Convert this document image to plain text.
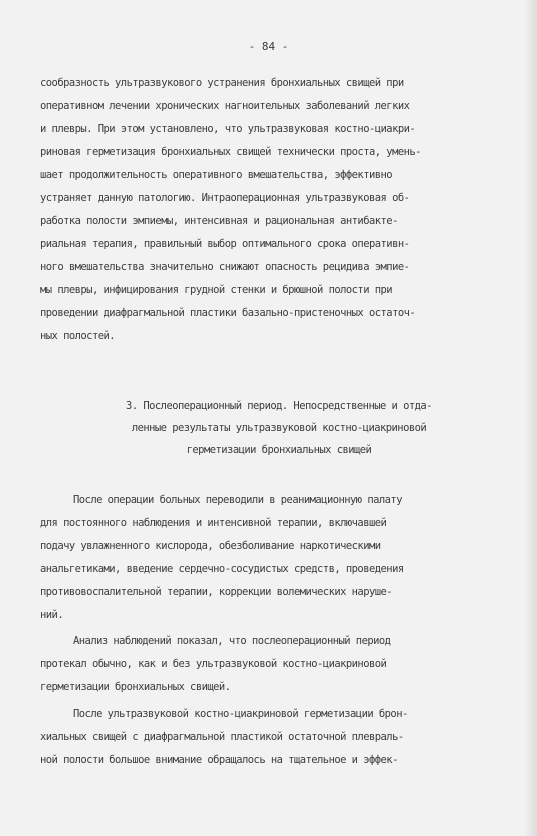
- 84 -
сообразность ультразвукового устранения бронхиальных свищей при
оперативном лечении хронических нагноительных заболеваний легких
и плевры. При этом установлено, что ультразвуковая костно-циакри-
риновая герметизация бронхиальных свищей технически проста, умень-
шает продолжительность оперативного вмешательства, эффективно
устраняет данную патологию. Интраоперационная ультразвуковая об-
работка полости эмпиемы, интенсивная и рациональная антибакте-
риальная терапия, правильный выбор оптимального срока оперативн-
ного вмешательства значительно снижают опасность рецидива эмпие-
мы плевры, инфицирования грудной стенки и брюшной полости при
проведении диафрагмальной пластики базально-пристеночных остаточ-
ных полостей.
3. Послеоперационный период. Непосредственные и отда-
ленные результаты ультразвуковой костно-циакриновой
герметизации бронхиальных свищей
После операции больных переводили в реанимационную палату
для постоянного наблюдения и интенсивной терапии, включавшей
подачу увлажненного кислорода, обезболивание наркотическими
анальгетиками, введение сердечно-сосудистых средств, проведения
противовоспалительной терапии, коррекции волемических наруше-
ний.
Анализ наблюдений показал, что послеоперационный период
протекал обычно, как и без ультразвуковой костно-циакриновой
герметизации бронхиальных свищей.
После ультразвуковой костно-циакриновой герметизации брон-
хиальных свищей с диафрагмальной пластикой остаточной плевраль-
ной полости большое внимание обращалось на тщательное и эффек-
